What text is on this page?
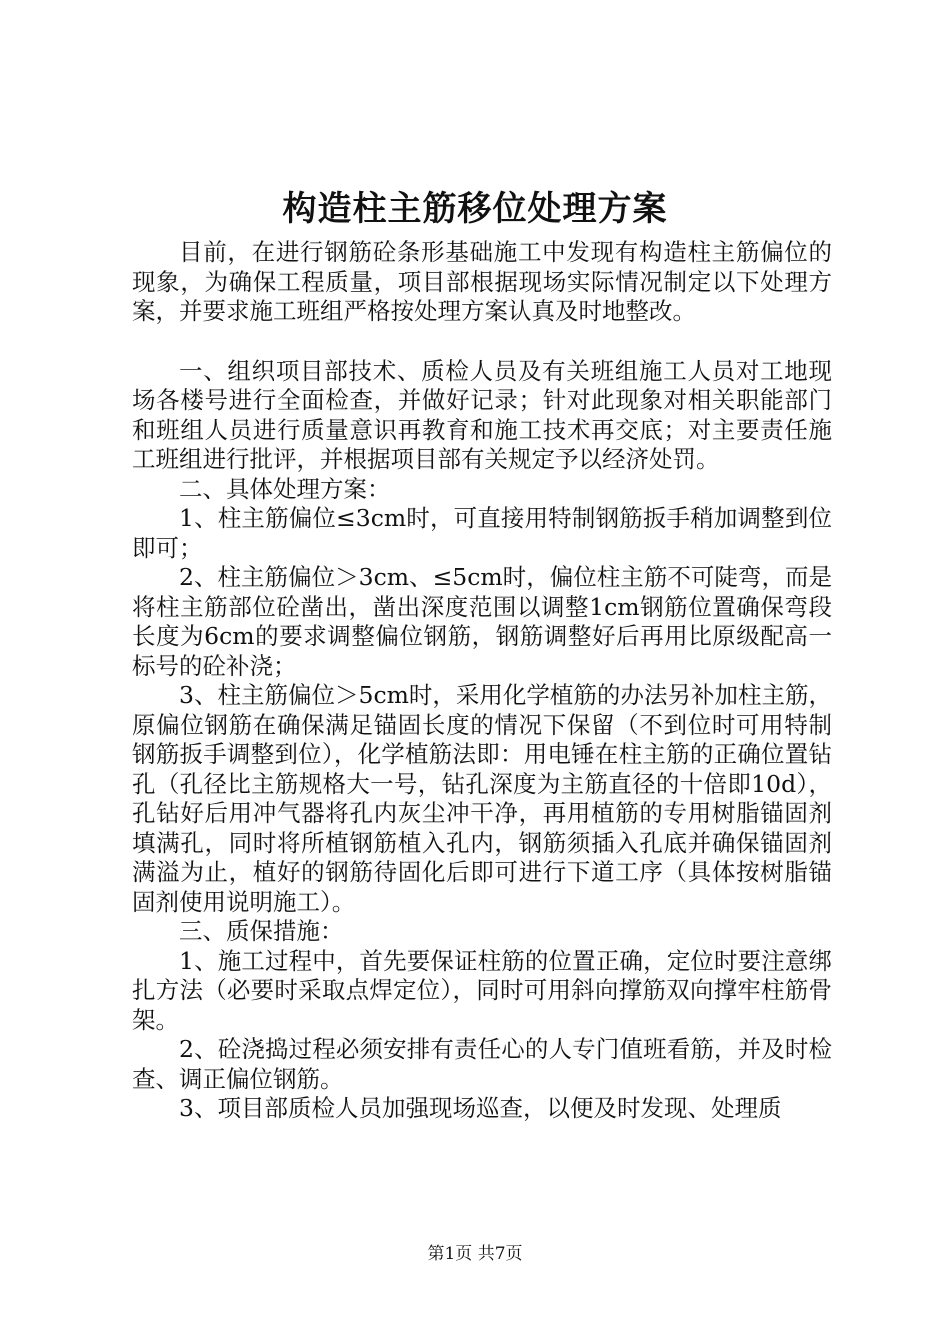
构造柱主筋移位处理方案

目前，在进行钢筋砼条形基础施工中发现有构造柱主筋偏位的现象，为确保工程质量，项目部根据现场实际情况制定以下处理方案，并要求施工班组严格按处理方案认真及时地整改。

一、组织项目部技术、质检人员及有关班组施工人员对工地现场各楼号进行全面检查，并做好记录；针对此现象对相关职能部门和班组人员进行质量意识再教育和施工技术再交底；对主要责任施工班组进行批评，并根据项目部有关规定予以经济处罚。

二、具体处理方案：

1、柱主筋偏位≤3cm时，可直接用特制钢筋扳手稍加调整到位即可；

2、柱主筋偏位＞3cm、≤5cm时，偏位柱主筋不可陡弯，而是将柱主筋部位砼凿出，凿出深度范围以调整1cm钢筋位置确保弯段长度为6cm的要求调整偏位钢筋，钢筋调整好后再用比原级配高一标号的砼补浇；

3、柱主筋偏位＞5cm时，采用化学植筋的办法另补加柱主筋，原偏位钢筋在确保满足锚固长度的情况下保留（不到位时可用特制钢筋扳手调整到位），化学植筋法即：用电锤在柱主筋的正确位置钻孔（孔径比主筋规格大一号，钻孔深度为主筋直径的十倍即10d），孔钻好后用冲气器将孔内灰尘冲干净，再用植筋的专用树脂锚固剂填满孔，同时将所植钢筋植入孔内，钢筋须插入孔底并确保锚固剂满溢为止，植好的钢筋待固化后即可进行下道工序（具体按树脂锚固剂使用说明施工）。

三、质保措施：

1、施工过程中，首先要保证柱筋的位置正确，定位时要注意绑扎方法（必要时采取点焊定位），同时可用斜向撑筋双向撑牢柱筋骨架。

2、砼浇捣过程必须安排有责任心的人专门值班看筋，并及时检查、调正偏位钢筋。

3、项目部质检人员加强现场巡查，以便及时发现、处理质

第1页 共7页
